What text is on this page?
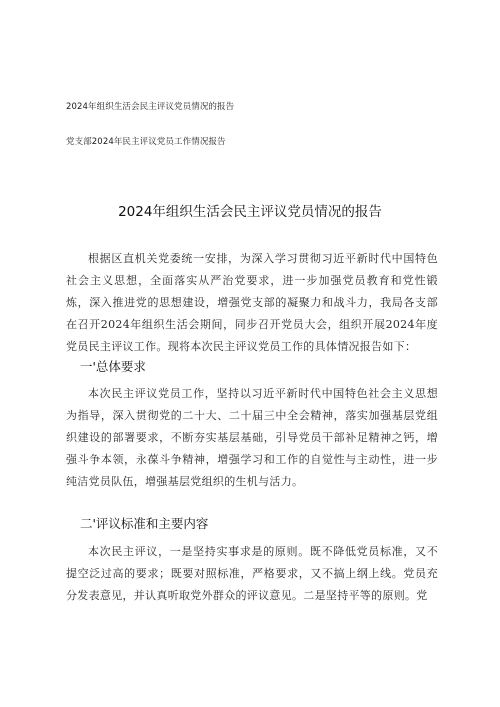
2024年组织生活会民主评议党员情况的报告
党支部2024年民主评议党员工作情况报告
2024年组织生活会民主评议党员情况的报告

根据区直机关党委统一安排，为深入学习贯彻习近平新时代中国特色社会主义思想，全面落实从严治党要求，进一步加强党员教育和党性锻炼，深入推进党的思想建设，增强党支部的凝聚力和战斗力，我局各支部在召开2024年组织生活会期间，同步召开党员大会，组织开展2024年度党员民主评议工作。现将本次民主评议党员工作的具体情况报告如下：

一'总体要求

本次民主评议党员工作，坚持以习近平新时代中国特色社会主义思想为指导，深入贯彻党的二十大、二十届三中全会精神，落实加强基层党组织建设的部署要求，不断夯实基层基础，引导党员干部补足精神之钙，增强斗争本领，永葆斗争精神，增强学习和工作的自觉性与主动性，进一步纯洁党员队伍，增强基层党组织的生机与活力。

二'评议标准和主要内容

本次民主评议，一是坚持实事求是的原则。既不降低党员标准，又不提空泛过高的要求；既要对照标准，严格要求，又不搞上纲上线。党员充分发表意见，并认真听取党外群众的评议意见。二是坚持平等的原则。党
